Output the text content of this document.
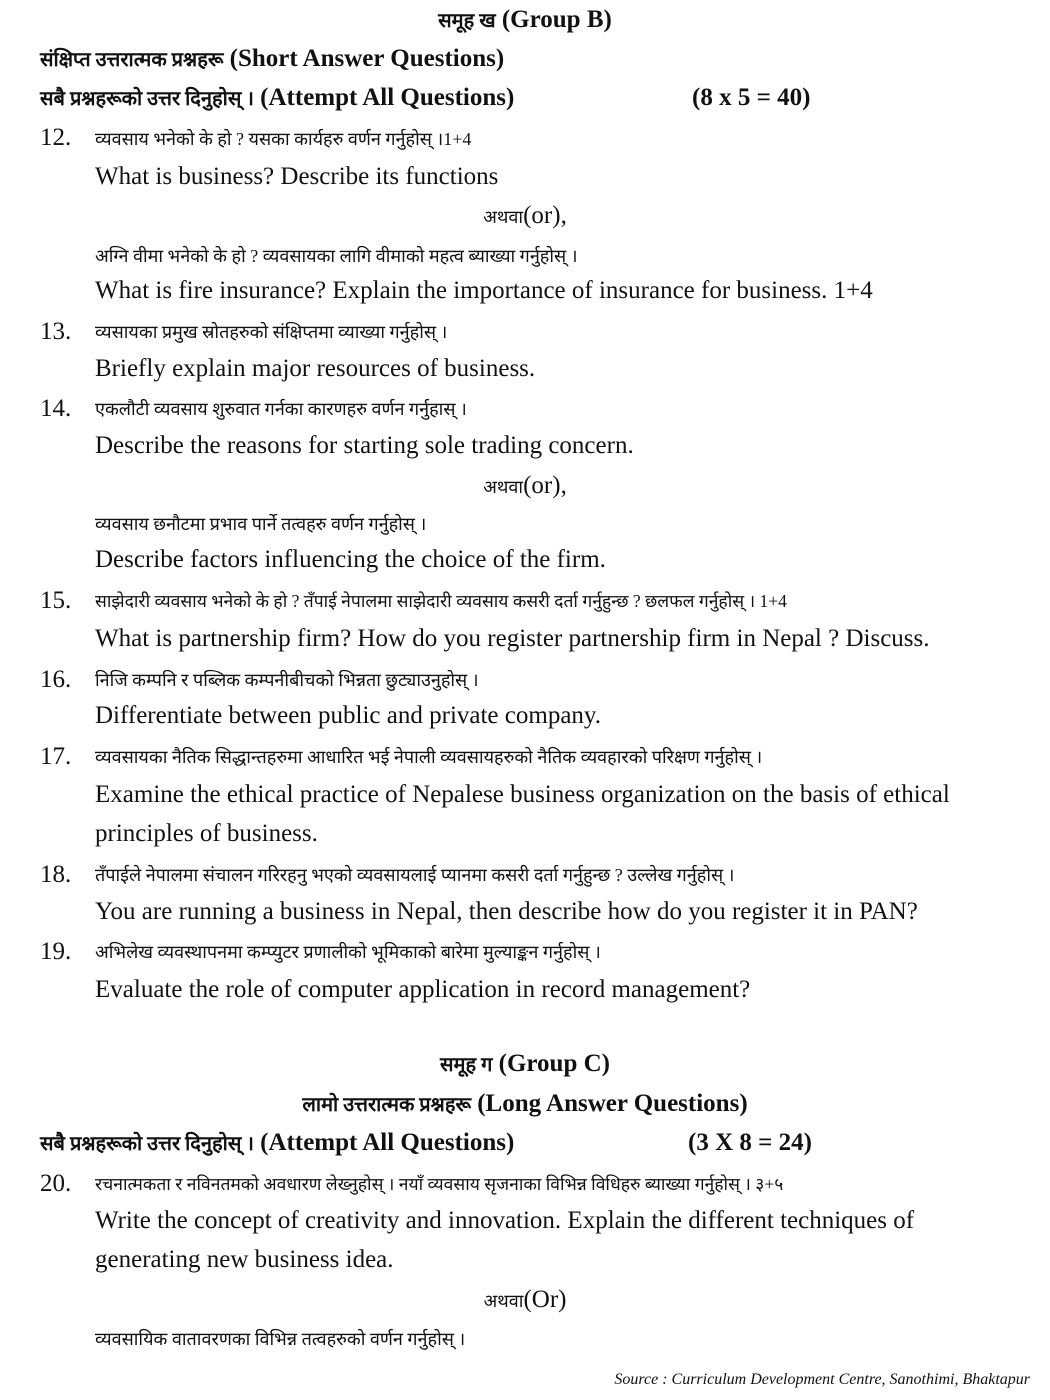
समूह ख (Group B)
संक्षिप्त उत्तरात्मक प्रश्नहरू (Short Answer Questions)
सबै प्रश्नहरूको उत्तर दिनुहोस् । (Attempt All Questions)	(8 x 5 = 40)
12. व्यवसाय भनेको के हो ? यसका कार्यहरु वर्णन गर्नुहोस् ।1+4
What is business? Describe its functions
अथवा(or),
अग्नि वीमा भनेको के हो ? व्यवसायका लागि वीमाको महत्व ब्याख्या गर्नुहोस् ।
What is fire insurance? Explain the importance of insurance for business. 1+4
13. व्यसायका प्रमुख स्रोतहरुको संक्षिप्तमा व्याख्या गर्नुहोस् ।
Briefly explain major resources of business.
14. एकलौटी व्यवसाय शुरुवात गर्नका कारणहरु वर्णन गर्नुहास् ।
Describe the reasons for starting sole trading concern.
अथवा(or),
व्यवसाय छनौटमा प्रभाव पार्ने तत्वहरु वर्णन गर्नुहोस् ।
Describe factors influencing the choice of the firm.
15. साझेदारी व्यवसाय भनेको के हो ? तँपाई नेपालमा साझेदारी व्यवसाय कसरी दर्ता गर्नुहुन्छ ? छलफल गर्नुहोस् । 1+4
What is partnership firm? How do you register partnership firm in Nepal ? Discuss.
16. निजि कम्पनि र पब्लिक कम्पनीबीचको भिन्नता छुट्याउनुहोस् ।
Differentiate between public and private company.
17. व्यवसायका नैतिक सिद्धान्तहरुमा आधारित भई नेपाली व्यवसायहरुको नैतिक व्यवहारको परिक्षण गर्नुहोस् ।
Examine the ethical practice of Nepalese business organization on the basis of ethical
principles of business.
18. तँपाईले नेपालमा संचालन गरिरहनु भएको व्यवसायलाई प्यानमा कसरी दर्ता गर्नुहुन्छ ? उल्लेख गर्नुहोस् ।
You are running a business in Nepal, then describe how do you register it in PAN?
19. अभिलेख व्यवस्थापनमा कम्प्युटर प्रणालीको भूमिकाको बारेमा मुल्याङ्कन गर्नुहोस् ।
Evaluate the role of computer application in record management?
समूह ग (Group C)
लामो उत्तरात्मक प्रश्नहरू (Long Answer Questions)
सबै प्रश्नहरूको उत्तर दिनुहोस् । (Attempt All Questions)	(3 X 8 = 24)
20. रचनात्मकता र नविनतमको अवधारण लेख्नुहोस् । नयाँ व्यवसाय सृजनाका विभिन्न विधिहरु ब्याख्या गर्नुहोस् । ३+५
Write the concept of creativity and innovation. Explain the different techniques of
generating new business idea.
अथवा(Or)
व्यवसायिक वातावरणका विभिन्न तत्वहरुको वर्णन गर्नुहोस् ।
Source : Curriculum Development Centre, Sanothimi, Bhaktapur
